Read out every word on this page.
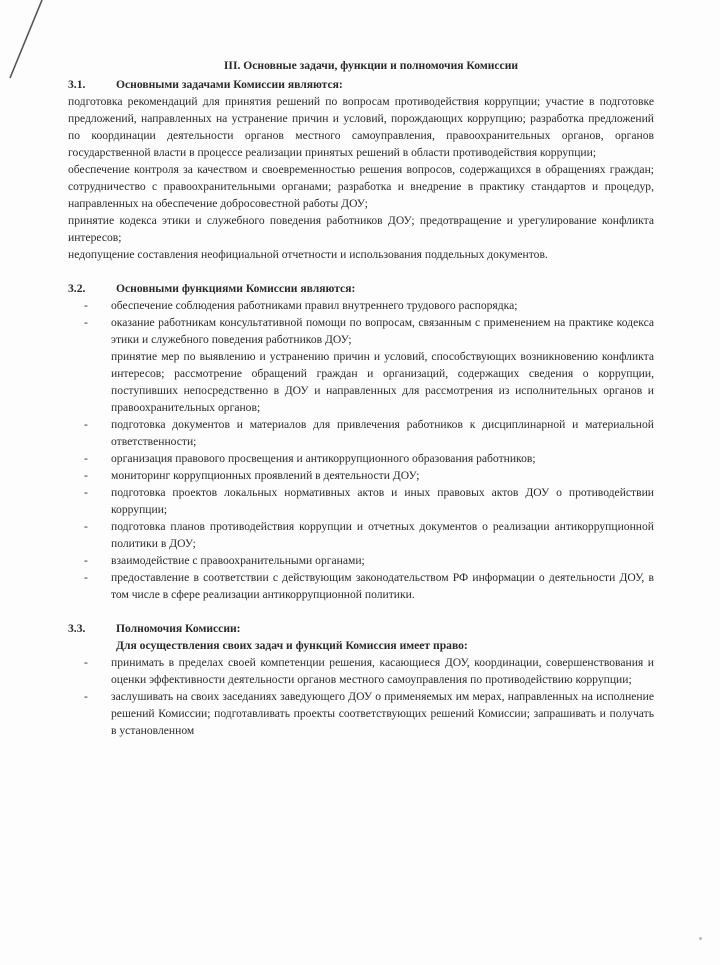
III. Основные задачи, функции и полномочия Комиссии
3.1.	Основными задачами Комиссии являются:

подготовка рекомендаций для принятия решений по вопросам противодействия коррупции; участие в подготовке предложений, направленных на устранение причин и условий, порождающих коррупцию; разработка предложений по координации деятельности органов местного самоуправления, правоохранительных органов, органов государственной власти в процессе реализации принятых решений в области противодействия коррупции;

обеспечение контроля за качеством и своевременностью решения вопросов, содержащихся в обращениях граждан; сотрудничество с правоохранительными органами; разработка и внедрение в практику стандартов и процедур, направленных на обеспечение добросовестной работы ДОУ;

принятие кодекса этики и служебного поведения работников ДОУ; предотвращение и урегулирование конфликта интересов;

недопущение составления неофициальной отчетности и использования поддельных документов.

3.2.	Основными функциями Комиссии являются:
- обеспечение соблюдения работниками правил внутреннего трудового распорядка;
- оказание работникам консультативной помощи по вопросам, связанным с применением на практике кодекса этики и служебного поведения работников ДОУ;
принятие мер по выявлению и устранению причин и условий, способствующих возникновению конфликта интересов; рассмотрение обращений граждан и организаций, содержащих сведения о коррупции, поступивших непосредственно в ДОУ и направленных для рассмотрения из исполнительных органов и правоохранительных органов;
- подготовка документов и материалов для привлечения работников к дисциплинарной и материальной ответственности;
- организация правового просвещения и антикоррупционного образования работников;
- мониторинг коррупционных проявлений в деятельности ДОУ;
- подготовка проектов локальных нормативных актов и иных правовых актов ДОУ о противодействии коррупции;
- подготовка планов противодействия коррупции и отчетных документов о реализации антикоррупционной политики в ДОУ;
- взаимодействие с правоохранительными органами;
- предоставление в соответствии с действующим законодательством РФ информации о деятельности ДОУ, в том числе в сфере реализации антикоррупционной политики.
3.3.	Полномочия Комиссии:
Для осуществления своих задач и функций Комиссия имеет право:
- принимать в пределах своей компетенции решения, касающиеся ДОУ, координации, совершенствования и оценки эффективности деятельности органов местного самоуправления по противодействию коррупции;
- заслушивать на своих заседаниях заведующего ДОУ о применяемых им мерах, направленных на исполнение решений Комиссии; подготавливать проекты соответствующих решений Комиссии; запрашивать и получать в установленном
